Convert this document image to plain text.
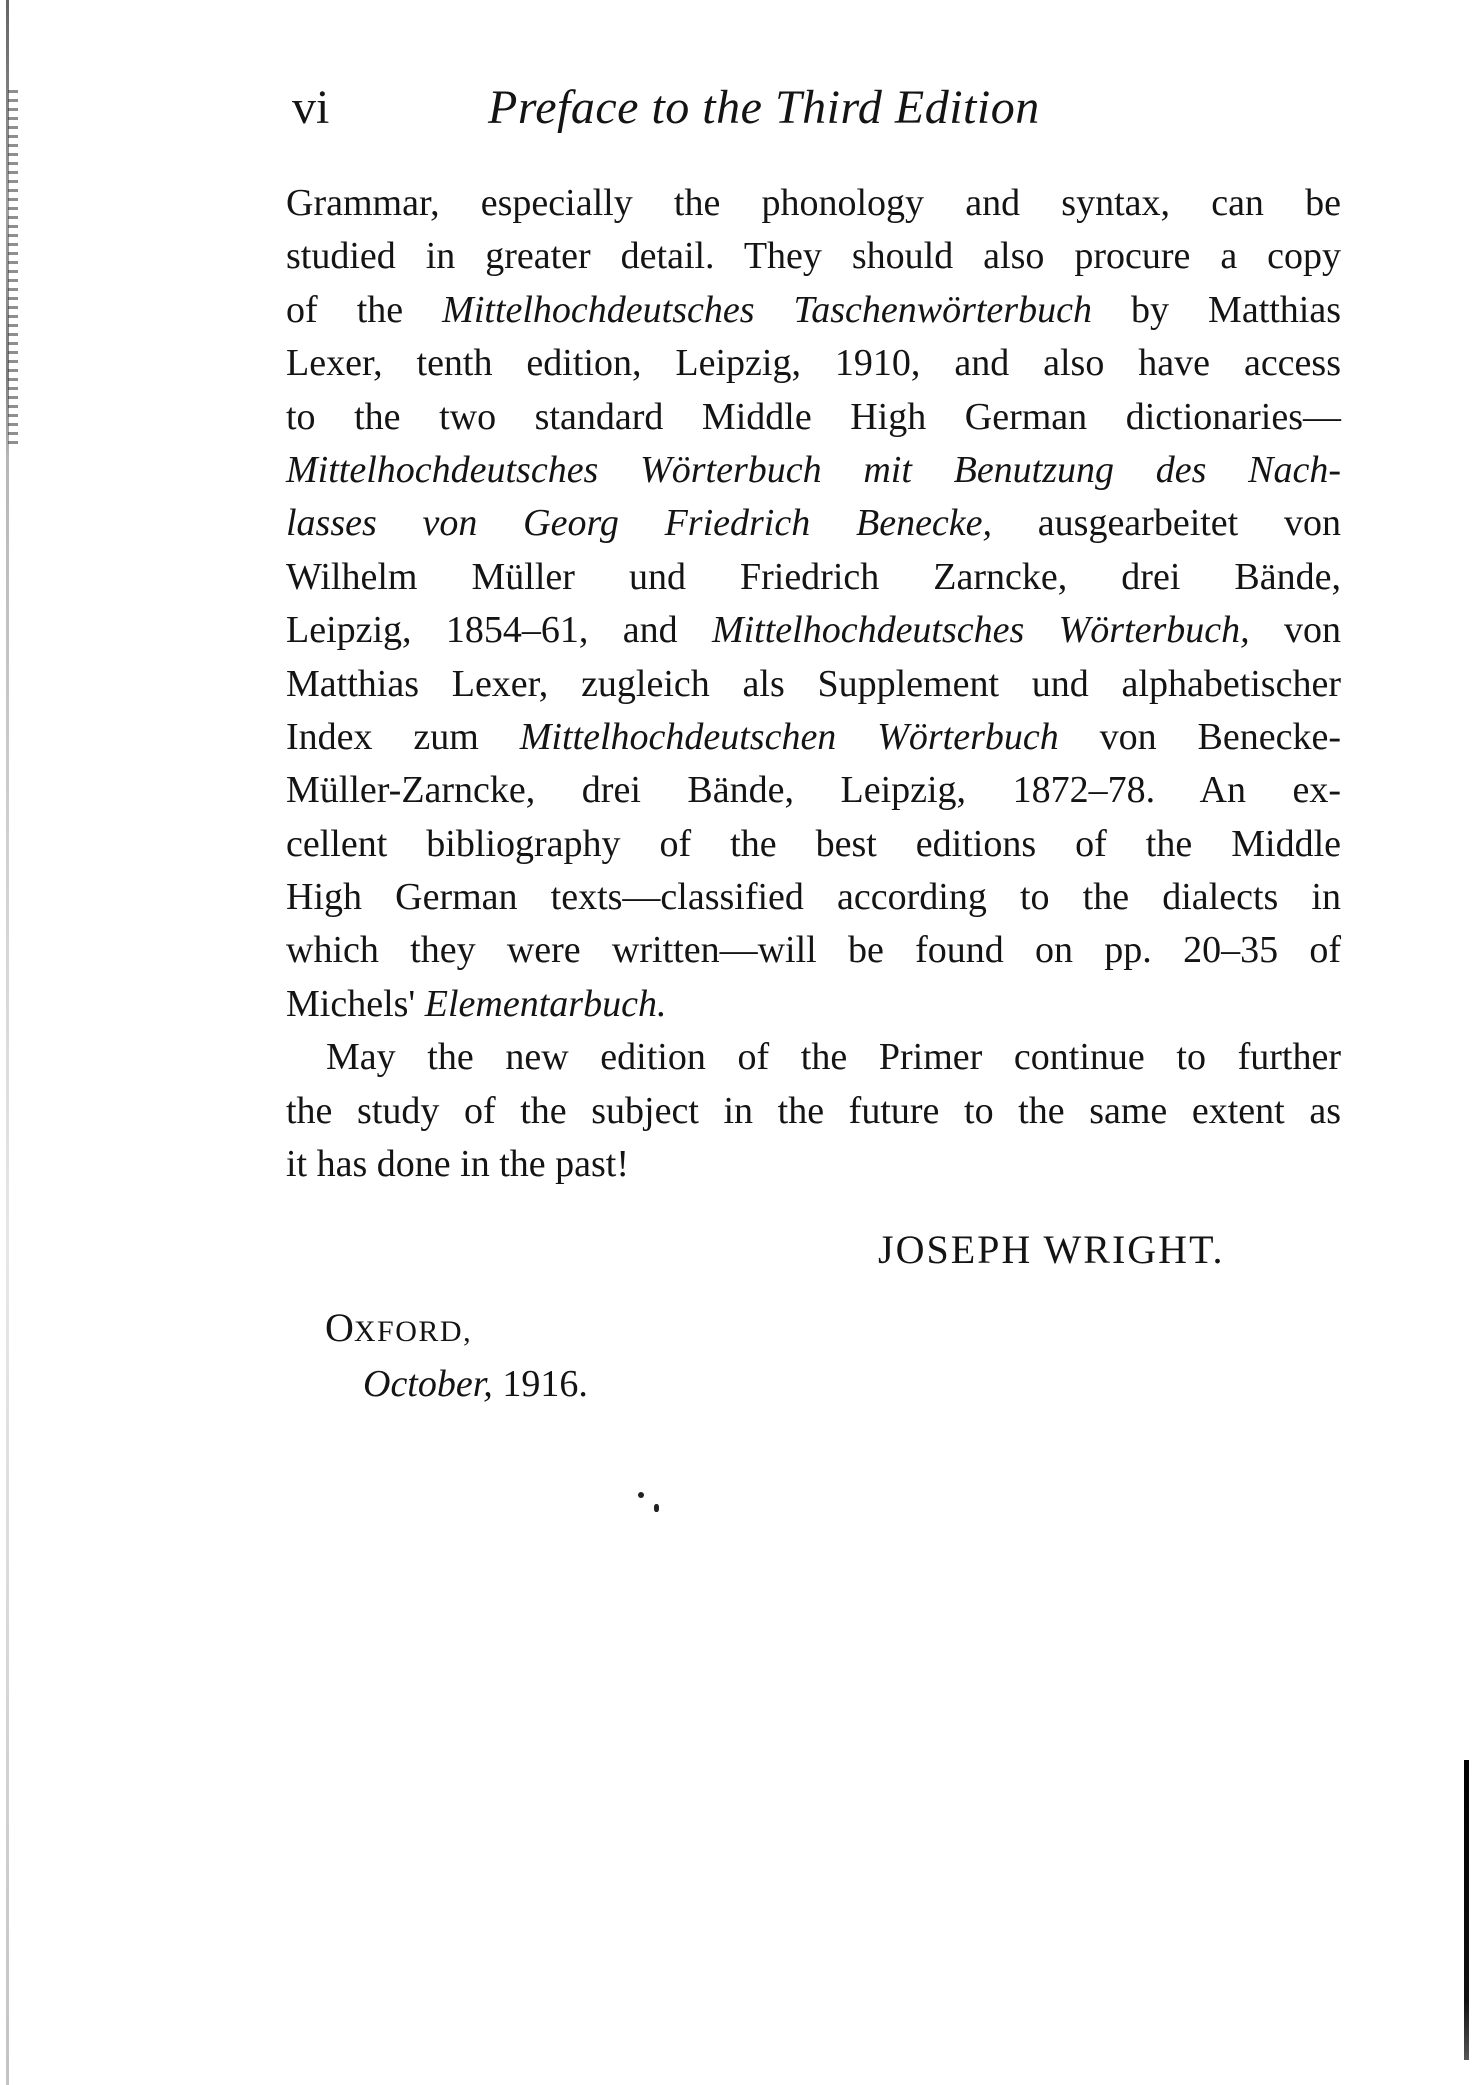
vi	Preface to the Third Edition
Grammar, especially the phonology and syntax, can be
studied in greater detail. They should also procure a copy
of the Mittelhochdeutsches Taschenwörterbuch by Matthias
Lexer, tenth edition, Leipzig, 1910, and also have access
to the two standard Middle High German dictionaries—
Mittelhochdeutsches Wörterbuch mit Benutzung des Nach-
lasses von Georg Friedrich Benecke, ausgearbeitet von
Wilhelm Müller und Friedrich Zarncke, drei Bände,
Leipzig, 1854–61, and Mittelhochdeutsches Wörterbuch, von
Matthias Lexer, zugleich als Supplement und alphabetischer
Index zum Mittelhochdeutschen Wörterbuch von Benecke-
Müller-Zarncke, drei Bände, Leipzig, 1872–78. An ex-
cellent bibliography of the best editions of the Middle
High German texts—classified according to the dialects in
which they were written—will be found on pp. 20–35 of
Michels' Elementarbuch.
May the new edition of the Primer continue to further
the study of the subject in the future to the same extent as
it has done in the past!
JOSEPH WRIGHT.
OXFORD,
October, 1916.
